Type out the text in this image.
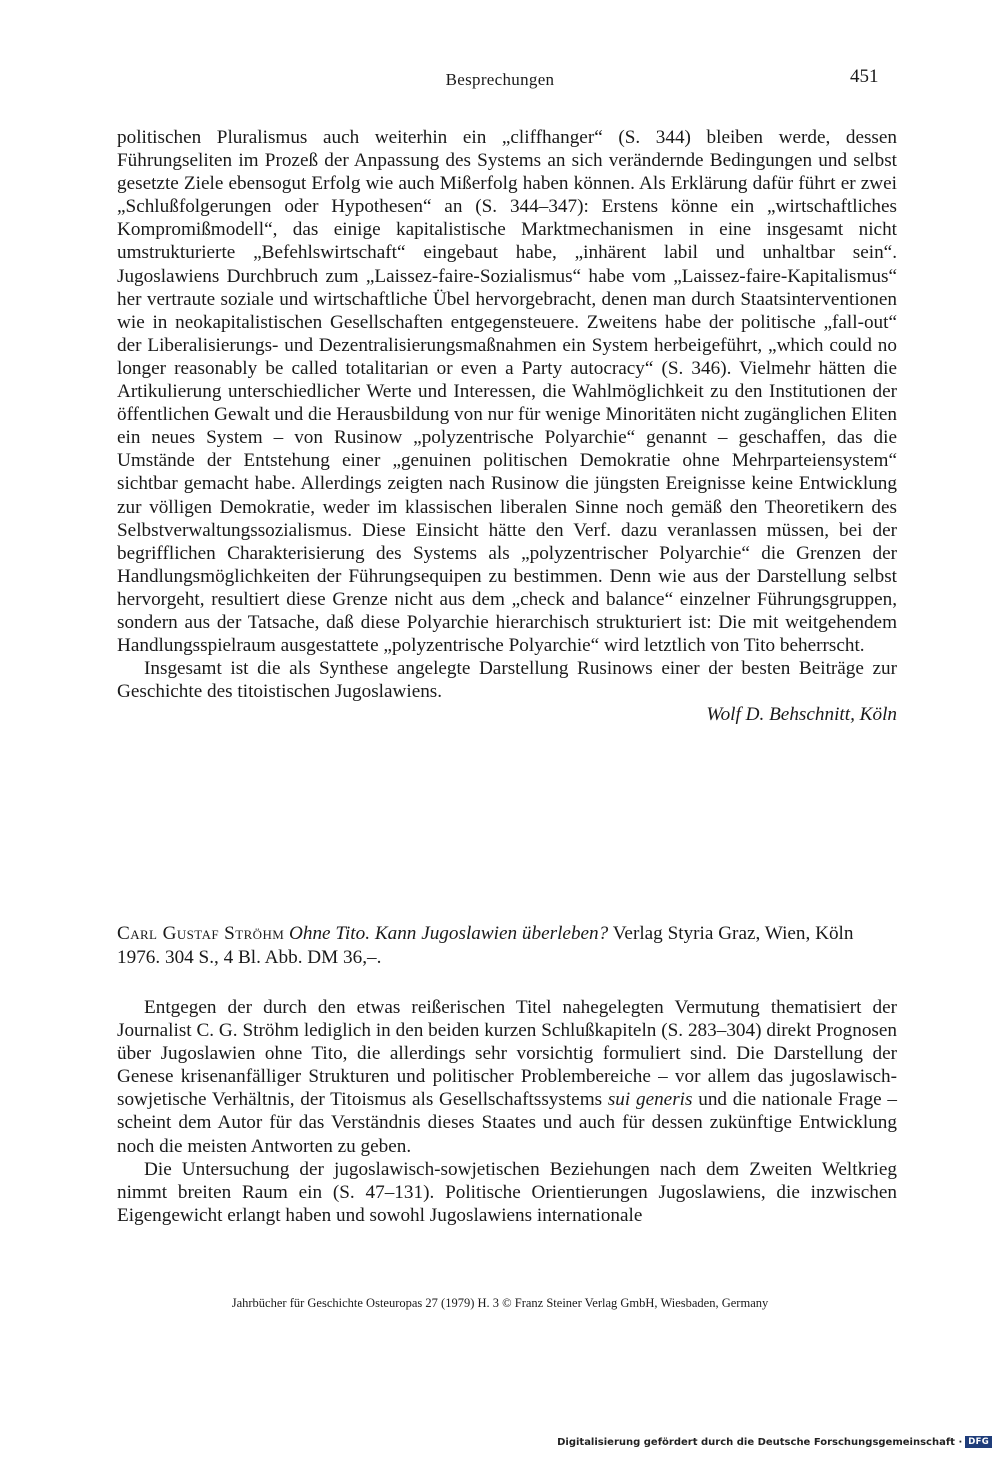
Besprechungen	451

politischen Pluralismus auch weiterhin ein „cliffhanger“ (S. 344) bleiben werde, dessen Führungseliten im Prozeß der Anpassung des Systems an sich verändernde Bedingungen und selbst gesetzte Ziele ebensogut Erfolg wie auch Mißerfolg haben können. Als Erklärung dafür führt er zwei „Schlußfolgerungen oder Hypothesen“ an (S. 344–347): Erstens könne ein „wirtschaftliches Kompromißmodell“, das einige kapitalistische Marktmechanismen in eine insgesamt nicht umstrukturierte „Befehlswirtschaft“ eingebaut habe, „inhärent labil und unhaltbar sein“. Jugoslawiens Durchbruch zum „Laissez-faire-Sozialismus“ habe vom „Laissez-faire-Kapitalismus“ her vertraute soziale und wirtschaftliche Übel hervorgebracht, denen man durch Staatsinterventionen wie in neokapitalistischen Gesellschaften entgegensteuere. Zweitens habe der politische „fall-out“ der Liberalisierungs- und Dezentralisierungsmaßnahmen ein System herbeigeführt, „which could no longer reasonably be called totalitarian or even a Party autocracy“ (S. 346). Vielmehr hätten die Artikulierung unterschiedlicher Werte und Interessen, die Wahlmöglichkeit zu den Institutionen der öffentlichen Gewalt und die Herausbildung von nur für wenige Minoritäten nicht zugänglichen Eliten ein neues System – von Rusinow „polyzentrische Polyarchie“ genannt – geschaffen, das die Umstände der Entstehung einer „genuinen politischen Demokratie ohne Mehrparteiensystem“ sichtbar gemacht habe. Allerdings zeigten nach Rusinow die jüngsten Ereignisse keine Entwicklung zur völligen Demokratie, weder im klassischen liberalen Sinne noch gemäß den Theoretikern des Selbstverwaltungssozialismus. Diese Einsicht hätte den Verf. dazu veranlassen müssen, bei der begrifflichen Charakterisierung des Systems als „polyzentrischer Polyarchie“ die Grenzen der Handlungsmöglichkeiten der Führungsequipen zu bestimmen. Denn wie aus der Darstellung selbst hervorgeht, resultiert diese Grenze nicht aus dem „check and balance“ einzelner Führungsgruppen, sondern aus der Tatsache, daß diese Polyarchie hierarchisch strukturiert ist: Die mit weitgehendem Handlungsspielraum ausgestattete „polyzentrische Polyarchie“ wird letztlich von Tito beherrscht.

Insgesamt ist die als Synthese angelegte Darstellung Rusinows einer der besten Beiträge zur Geschichte des titoistischen Jugoslawiens.

Wolf D. Behschnitt, Köln

Carl Gustaf Ströhm Ohne Tito. Kann Jugoslawien überleben? Verlag Styria Graz, Wien, Köln 1976. 304 S., 4 Bl. Abb. DM 36,–.

Entgegen der durch den etwas reißerischen Titel nahegelegten Vermutung thematisiert der Journalist C. G. Ströhm lediglich in den beiden kurzen Schlußkapiteln (S. 283–304) direkt Prognosen über Jugoslawien ohne Tito, die allerdings sehr vorsichtig formuliert sind. Die Darstellung der Genese krisenanfälliger Strukturen und politischer Problembereiche – vor allem das jugoslawisch-sowjetische Verhältnis, der Titoismus als Gesellschaftssystems sui generis und die nationale Frage – scheint dem Autor für das Verständnis dieses Staates und auch für dessen zukünftige Entwicklung noch die meisten Antworten zu geben.

Die Untersuchung der jugoslawisch-sowjetischen Beziehungen nach dem Zweiten Weltkrieg nimmt breiten Raum ein (S. 47–131). Politische Orientierungen Jugoslawiens, die inzwischen Eigengewicht erlangt haben und sowohl Jugoslawiens internationale

Jahrbücher für Geschichte Osteuropas 27 (1979) H. 3 © Franz Steiner Verlag GmbH, Wiesbaden, Germany
Digitalisierung gefördert durch die Deutsche Forschungsgemeinschaft · DFG
